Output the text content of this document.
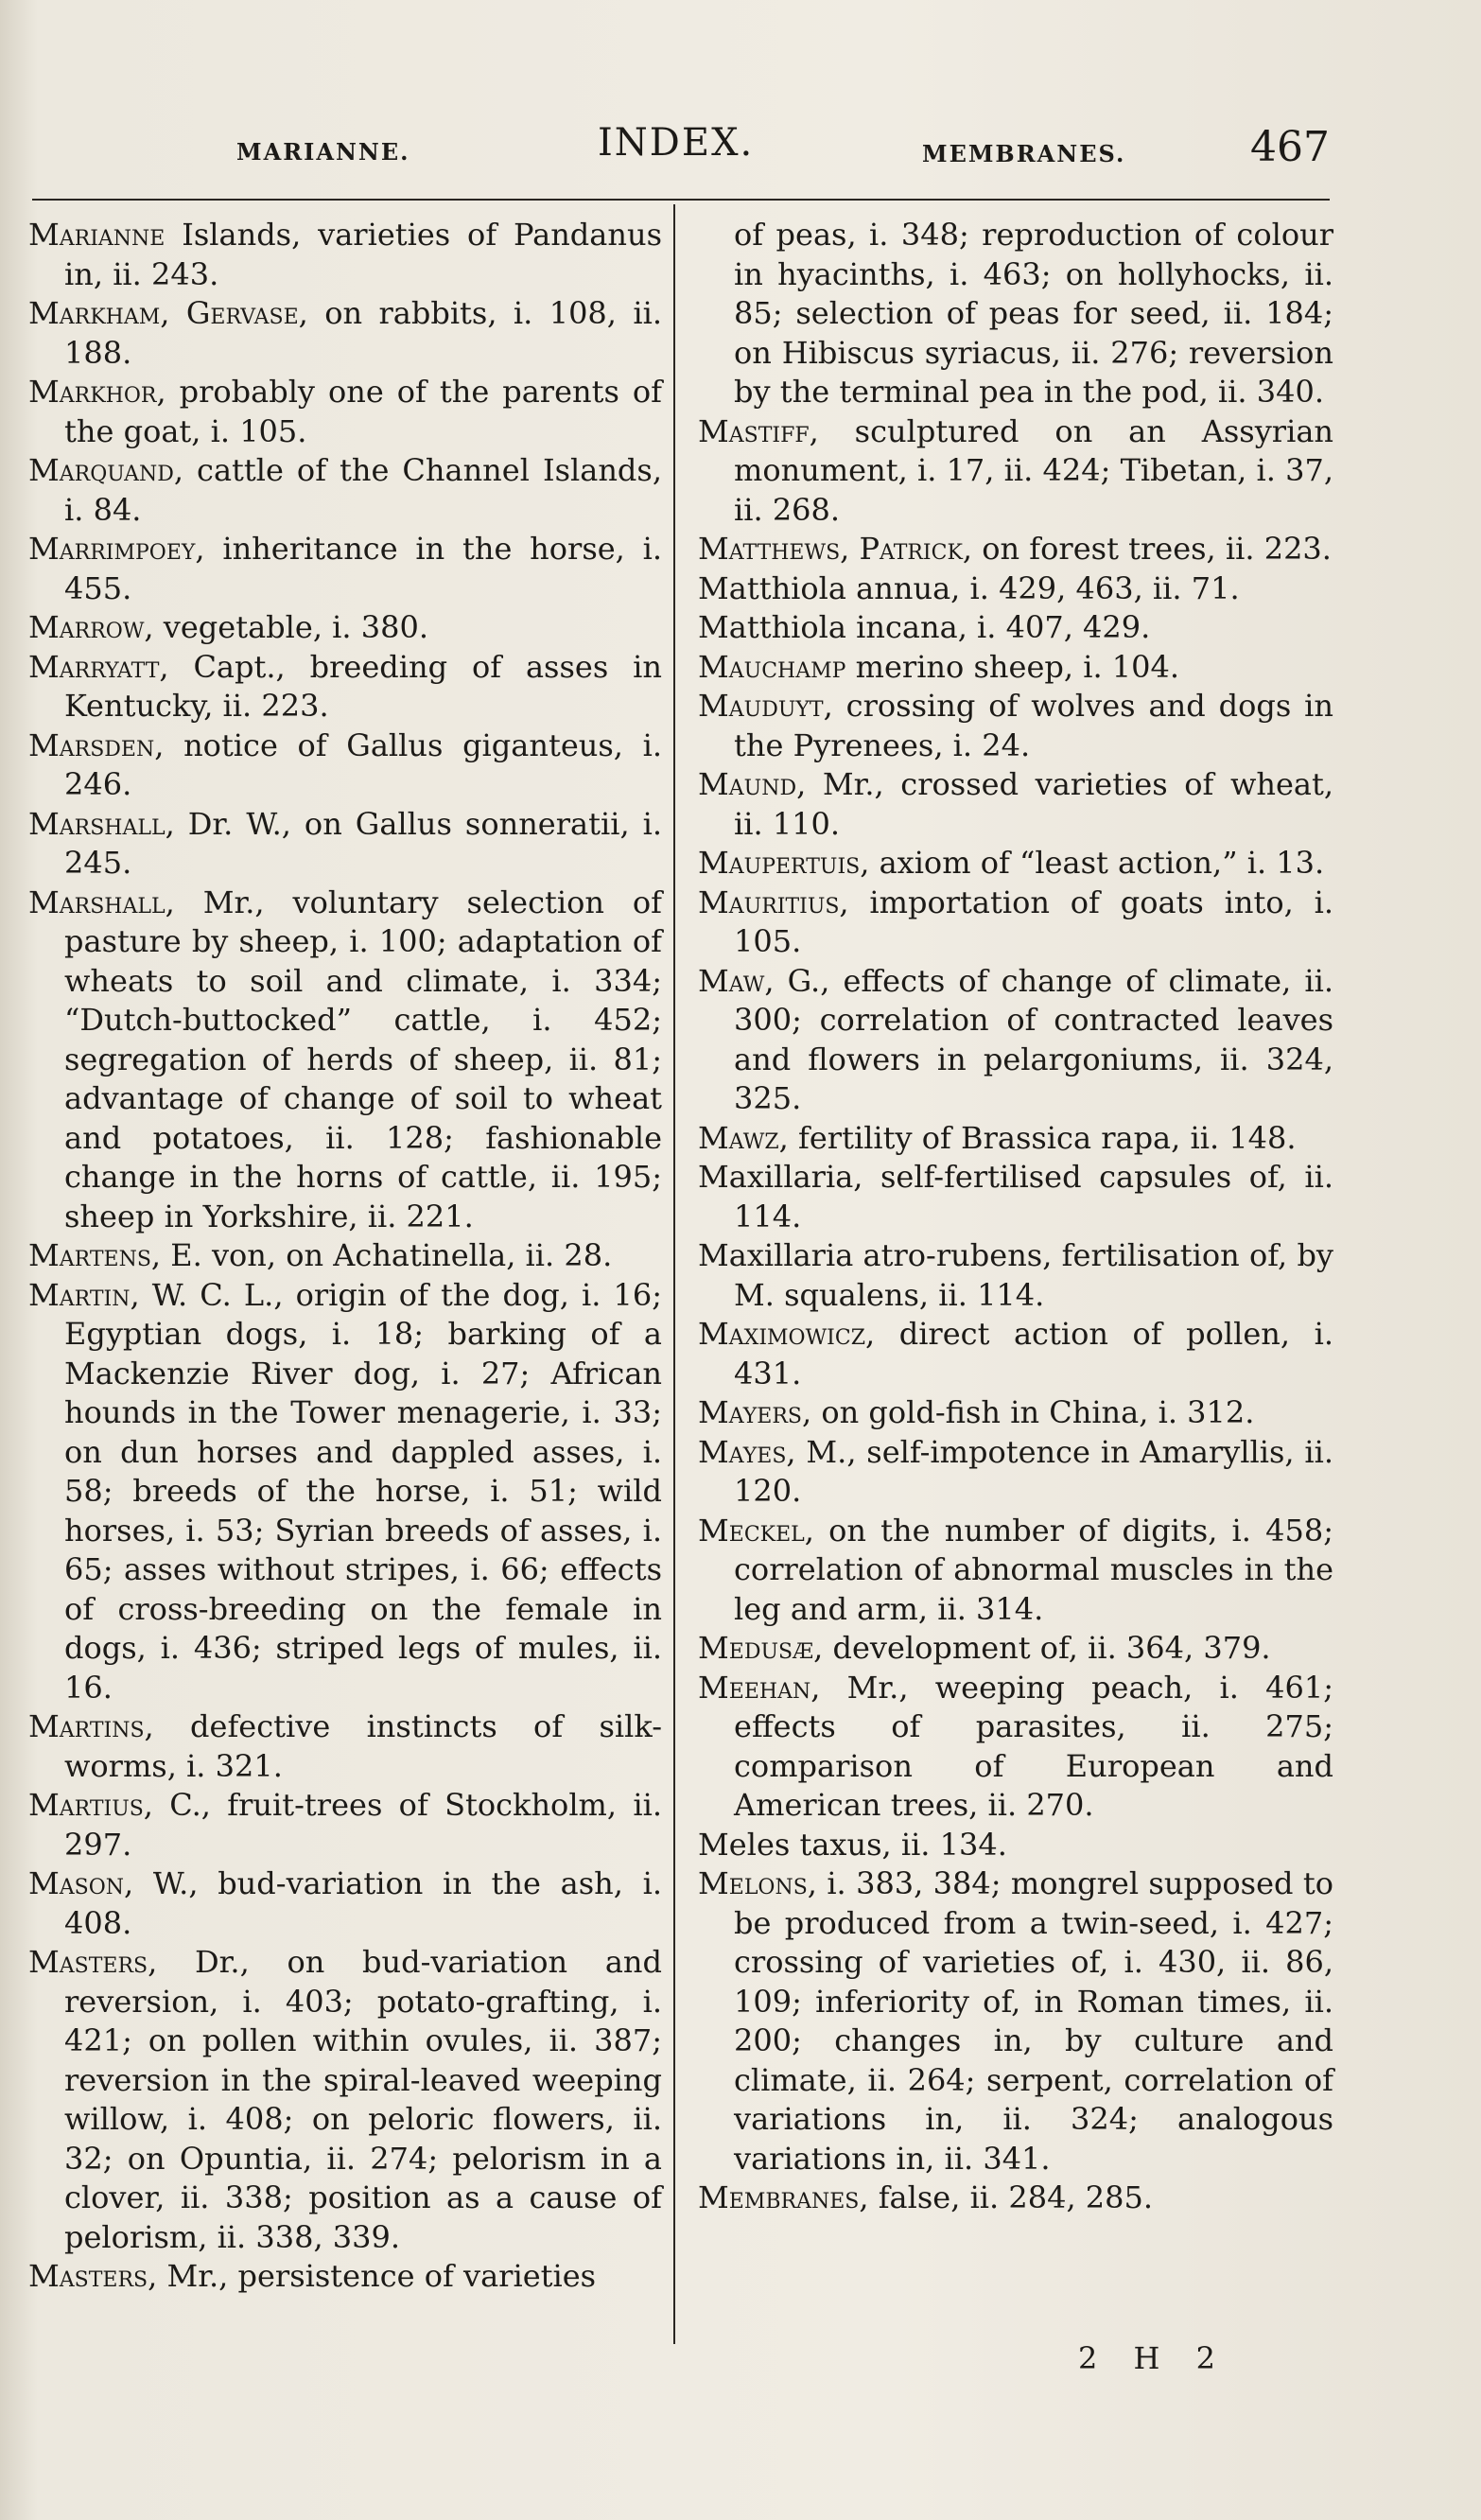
MARIANNE.	INDEX.	MEMBRANES.	467
Marianne Islands, varieties of Pandanus in, ii. 243.
Markham, Gervase, on rabbits, i. 108, ii. 188.
Markhor, probably one of the parents of the goat, i. 105.
Marquand, cattle of the Channel Islands, i. 84.
Marrimpoey, inheritance in the horse, i. 455.
Marrow, vegetable, i. 380.
Marryatt, Capt., breeding of asses in Kentucky, ii. 223.
Marsden, notice of Gallus giganteus, i. 246.
Marshall, Dr. W., on Gallus sonneratii, i. 245.
Marshall, Mr., voluntary selection of pasture by sheep, i. 100; adaptation of wheats to soil and climate, i. 334; “Dutch-buttocked” cattle, i. 452; segregation of herds of sheep, ii. 81; advantage of change of soil to wheat and potatoes, ii. 128; fashionable change in the horns of cattle, ii. 195; sheep in Yorkshire, ii. 221.
Martens, E. von, on Achatinella, ii. 28.
Martin, W. C. L., origin of the dog, i. 16; Egyptian dogs, i. 18; barking of a Mackenzie River dog, i. 27; African hounds in the Tower menagerie, i. 33; on dun horses and dappled asses, i. 58; breeds of the horse, i. 51; wild horses, i. 53; Syrian breeds of asses, i. 65; asses without stripes, i. 66; effects of cross-breeding on the female in dogs, i. 436; striped legs of mules, ii. 16.
Martins, defective instincts of silk-worms, i. 321.
Martius, C., fruit-trees of Stockholm, ii. 297.
Mason, W., bud-variation in the ash, i. 408.
Masters, Dr., on bud-variation and reversion, i. 403; potato-grafting, i. 421; on pollen within ovules, ii. 387; reversion in the spiral-leaved weeping willow, i. 408; on peloric flowers, ii. 32; on Opuntia, ii. 274; pelorism in a clover, ii. 338; position as a cause of pelorism, ii. 338, 339.
Masters, Mr., persistence of varieties
of peas, i. 348; reproduction of colour in hyacinths, i. 463; on hollyhocks, ii. 85; selection of peas for seed, ii. 184; on Hibiscus syriacus, ii. 276; reversion by the terminal pea in the pod, ii. 340.
Mastiff, sculptured on an Assyrian monument, i. 17, ii. 424; Tibetan, i. 37, ii. 268.
Matthews, Patrick, on forest trees, ii. 223.
Matthiola annua, i. 429, 463, ii. 71.
Matthiola incana, i. 407, 429.
Mauchamp merino sheep, i. 104.
Mauduyt, crossing of wolves and dogs in the Pyrenees, i. 24.
Maund, Mr., crossed varieties of wheat, ii. 110.
Maupertuis, axiom of “least action,” i. 13.
Mauritius, importation of goats into, i. 105.
Maw, G., effects of change of climate, ii. 300; correlation of contracted leaves and flowers in pelargoniums, ii. 324, 325.
Mawz, fertility of Brassica rapa, ii. 148.
Maxillaria, self-fertilised capsules of, ii. 114.
Maxillaria atro-rubens, fertilisation of, by M. squalens, ii. 114.
Maximowicz, direct action of pollen, i. 431.
Mayers, on gold-fish in China, i. 312.
Mayes, M., self-impotence in Amaryllis, ii. 120.
Meckel, on the number of digits, i. 458; correlation of abnormal muscles in the leg and arm, ii. 314.
Medusæ, development of, ii. 364, 379.
Meehan, Mr., weeping peach, i. 461; effects of parasites, ii. 275; comparison of European and American trees, ii. 270.
Meles taxus, ii. 134.
Melons, i. 383, 384; mongrel supposed to be produced from a twin-seed, i. 427; crossing of varieties of, i. 430, ii. 86, 109; inferiority of, in Roman times, ii. 200; changes in, by culture and climate, ii. 264; serpent, correlation of variations in, ii. 324; analogous variations in, ii. 341.
Membranes, false, ii. 284, 285.
2 H 2
